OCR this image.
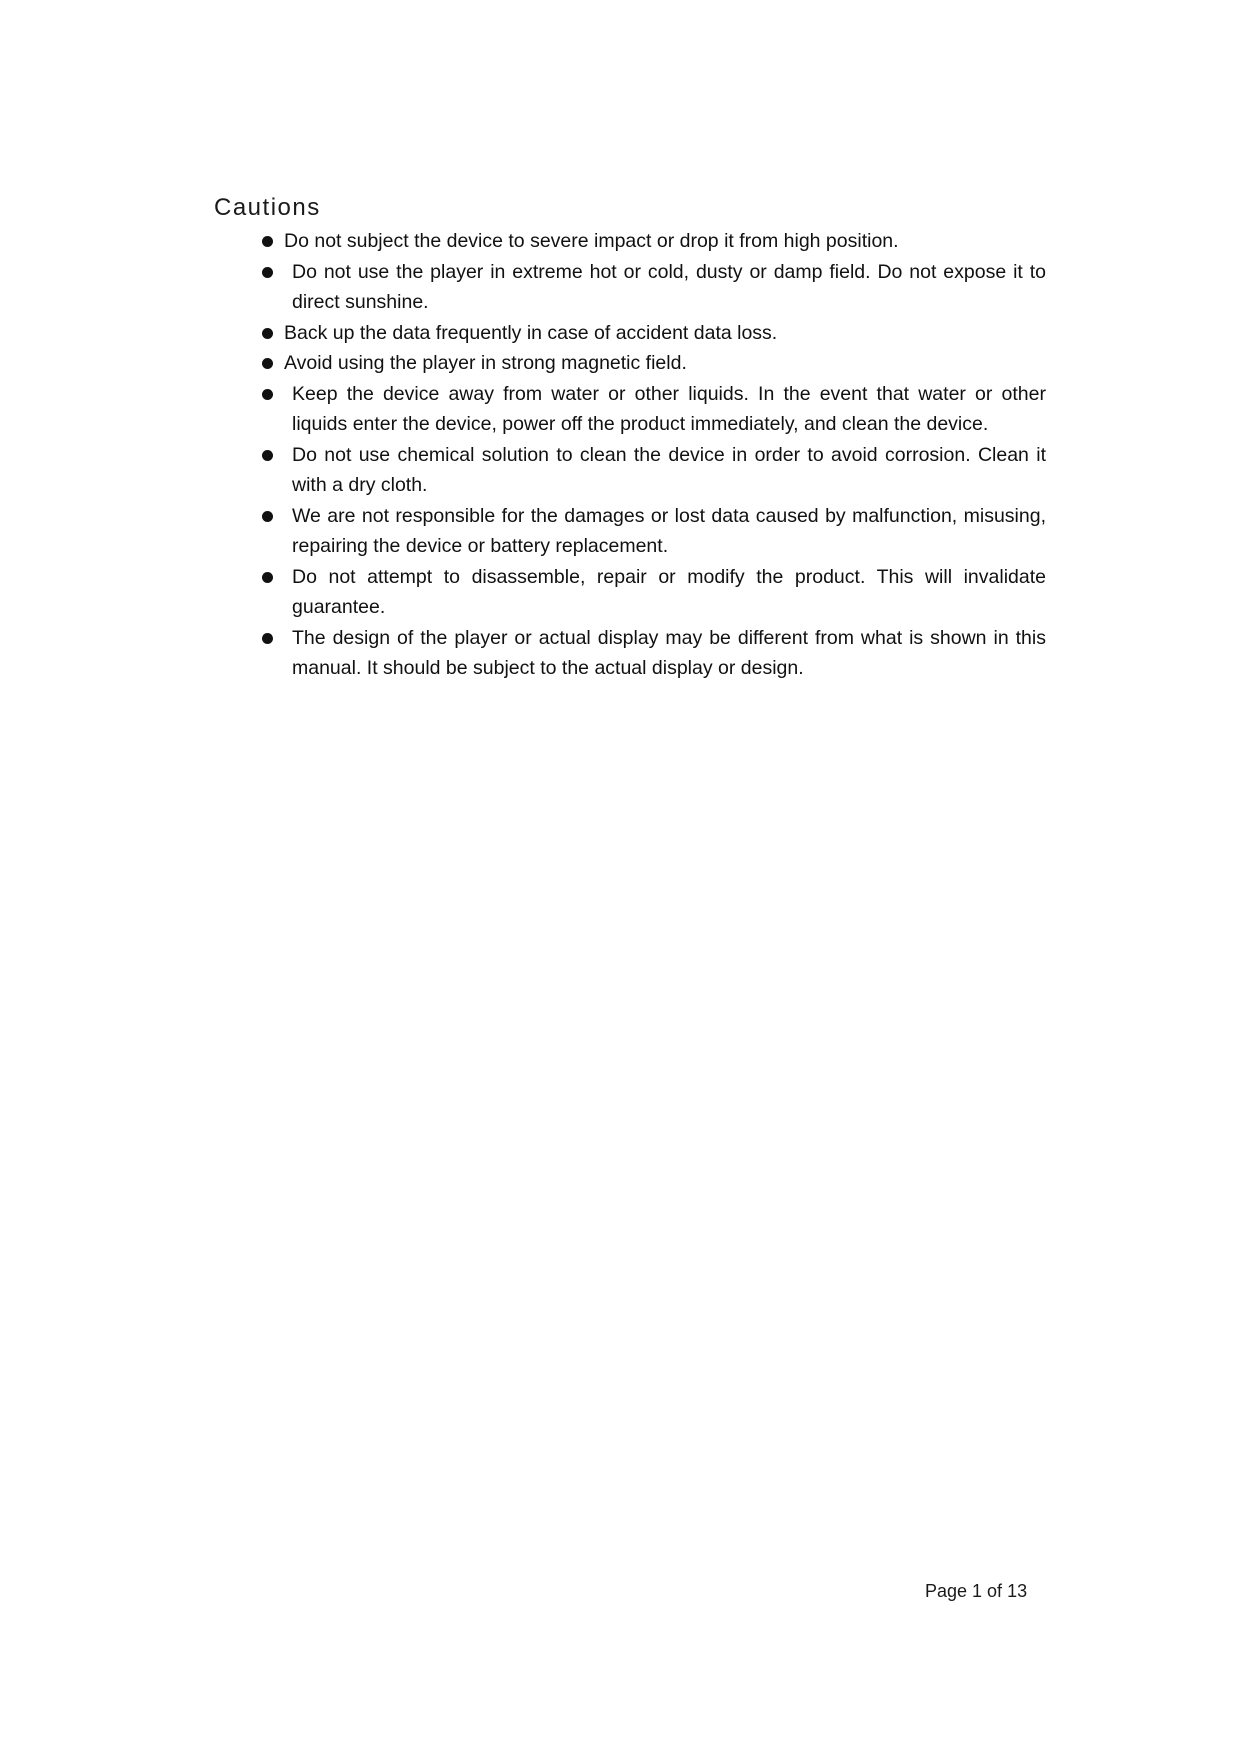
Cautions
Do not subject the device to severe impact or drop it from high position.
Do not use the player in extreme hot or cold, dusty or damp field. Do not expose it to direct sunshine.
Back up the data frequently in case of accident data loss.
Avoid using the player in strong magnetic field.
Keep the device away from water or other liquids. In the event that water or other liquids enter the device, power off the product immediately, and clean the device.
Do not use chemical solution to clean the device in order to avoid corrosion. Clean it with a dry cloth.
We are not responsible for the damages or lost data caused by malfunction, misusing, repairing the device or battery replacement.
Do not attempt to disassemble, repair or modify the product. This will invalidate guarantee.
The design of the player or actual display may be different from what is shown in this manual. It should be subject to the actual display or design.
Page 1 of 13
